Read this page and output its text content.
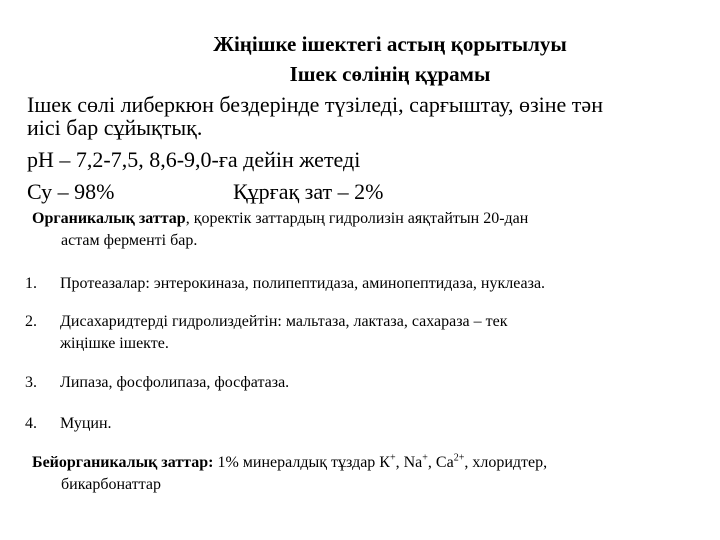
Жіңішке ішектегі астың қорытылуы
Ішек сөлінің құрамы
Ішек сөлі либеркюн бездерінде түзіледі, сарғыштау, өзіне тән
иісі бар сұйықтық.
рН – 7,2-7,5, 8,6-9,0-ға дейін жетеді
Су – 98%	Құрғақ зат – 2%
Органикалық заттар, қоректік заттардың гидролизін аяқтайтын 20-дан
астам ферменті бар.
1.	Протеазалар: энтерокиназа, полипептидаза, аминопептидаза, нуклеаза.
2.	Дисахаридтерді гидролиздейтін: мальтаза, лактаза, сахараза – тек
жіңішке ішекте.
3.	Липаза, фосфолипаза, фосфатаза.
4.	Муцин.
Бейорганикалық заттар: 1% минералдық тұздар К+, Na+, $Са^{2+}$, хлоридтер,
бикарбонаттар
